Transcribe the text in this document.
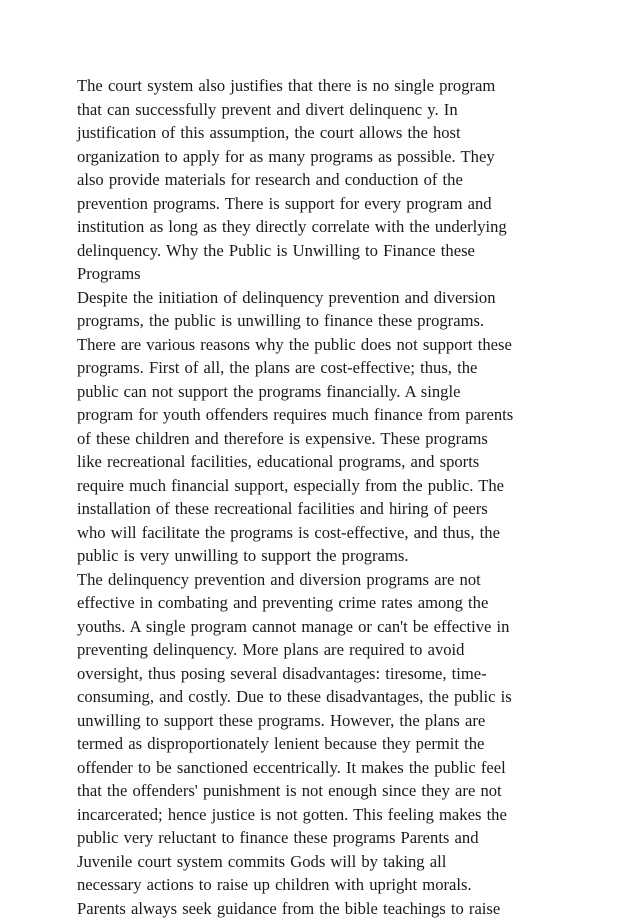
The court system also justifies that there is no single program
that can successfully prevent and divert delinquenc y. In
justification of this assumption, the court allows the host
organization to apply for as many programs as possible. They
also provide materials for research and conduction of the
prevention programs. There is support for every program and
institution as long as they directly correlate with the underlying
delinquency. Why the Public is Unwilling to Finance these
Programs
Despite the initiation of delinquency prevention and diversion
programs, the public is unwilling to finance these programs.
There are various reasons why the public does not support these
programs. First of all, the plans are cost-effective; thus, the
public can not support the programs financially. A single
program for youth offenders requires much finance from parents
of these children and therefore is expensive. These programs
like recreational facilities, educational programs, and sports
require much financial support, especially from the public. The
installation of these recreational facilities and hiring of peers
who will facilitate the programs is cost-effective, and thus, the
public is very unwilling to support the programs.
The delinquency prevention and diversion programs are not
effective in combating and preventing crime rates among the
youths. A single program cannot manage or can't be effective in
preventing delinquency. More plans are required to avoid
oversight, thus posing several disadvantages: tiresome, time-
consuming, and costly. Due to these disadvantages, the public is
unwilling to support these programs. However, the plans are
termed as disproportionately lenient because they permit the
offender to be sanctioned eccentrically. It makes the public feel
that the offenders' punishment is not enough since they are not
incarcerated; hence justice is not gotten. This feeling makes the
public very reluctant to finance these programs Parents and
Juvenile court system commits Gods will by taking all
necessary actions to raise up children with upright morals.
Parents always seek guidance from the bible teachings to raise
